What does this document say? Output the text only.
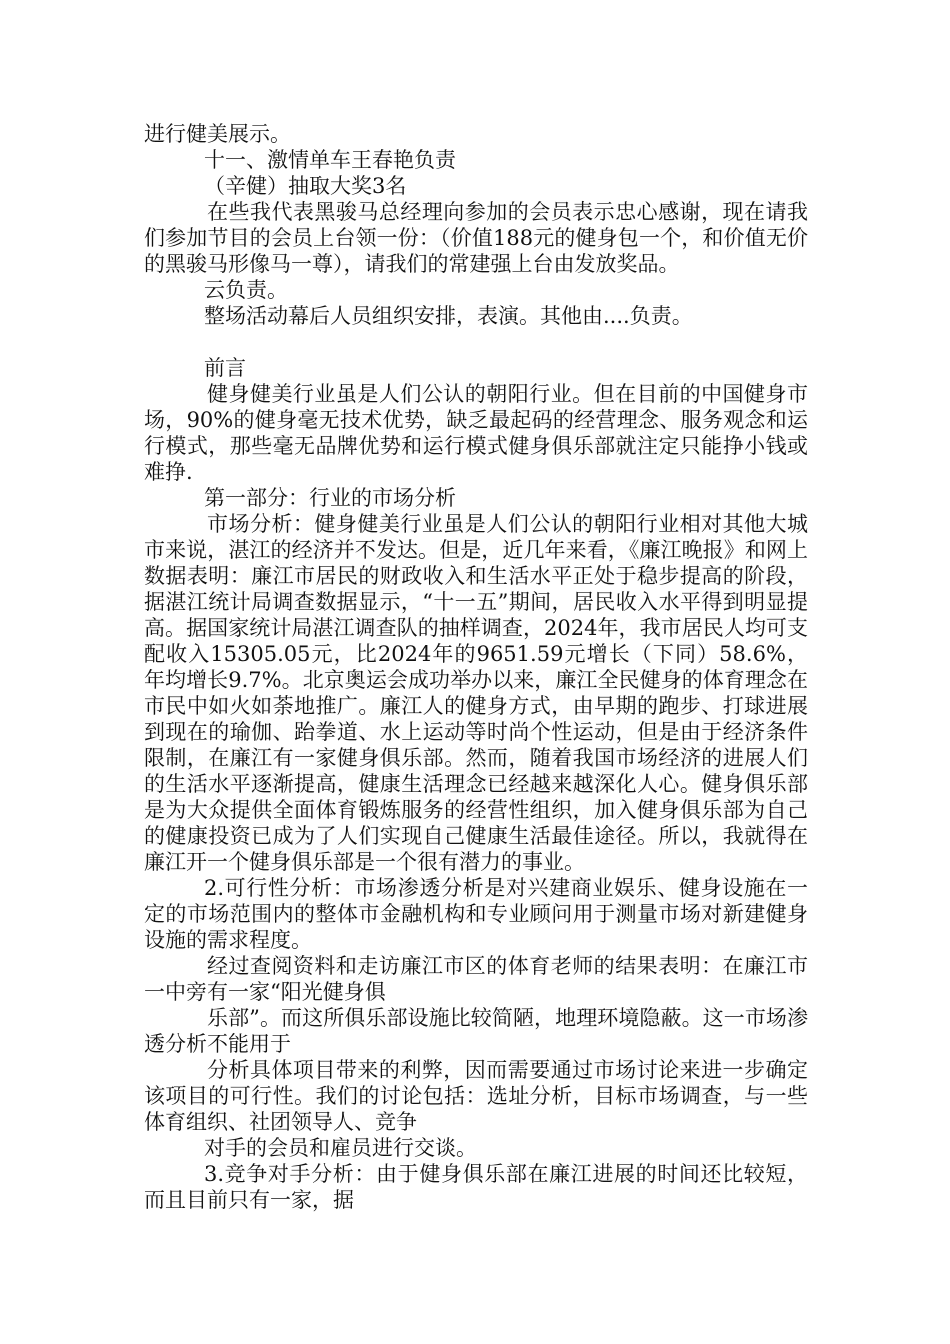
进行健美展示。

十一、激情单车王春艳负责

（辛健）抽取大奖3名

在些我代表黑骏马总经理向参加的会员表示忠心感谢，现在请我们参加节目的会员上台领一份：（价值188元的健身包一个，和价值无价的黑骏马形像马一尊），请我们的常建强上台由发放奖品。

云负责。

整场活动幕后人员组织安排，表演。其他由....负责。

前言

健身健美行业虽是人们公认的朝阳行业。但在目前的中国健身市场，90%的健身毫无技术优势，缺乏最起码的经营理念、服务观念和运行模式，那些毫无品牌优势和运行模式健身俱乐部就注定只能挣小钱或难挣.

第一部分：行业的市场分析

市场分析：健身健美行业虽是人们公认的朝阳行业相对其他大城市来说，湛江的经济并不发达。但是，近几年来看，《廉江晚报》和网上数据表明：廉江市居民的财政收入和生活水平正处于稳步提高的阶段，据湛江统计局调查数据显示，“十一五”期间，居民收入水平得到明显提高。据国家统计局湛江调查队的抽样调查，2024年，我市居民人均可支配收入15305.05元，比2024年的9651.59元增长（下同）58.6%，年均增长9.7%。北京奥运会成功举办以来，廉江全民健身的体育理念在市民中如火如荼地推广。廉江人的健身方式，由早期的跑步、打球进展到现在的瑜伽、跆拳道、水上运动等时尚个性运动，但是由于经济条件限制，在廉江有一家健身俱乐部。然而，随着我国市场经济的进展人们的生活水平逐渐提高，健康生活理念已经越来越深化人心。健身俱乐部是为大众提供全面体育锻炼服务的经营性组织，加入健身俱乐部为自己的健康投资已成为了人们实现自己健康生活最佳途径。所以，我就得在廉江开一个健身俱乐部是一个很有潜力的事业。

2.可行性分析：市场渗透分析是对兴建商业娱乐、健身设施在一定的市场范围内的整体市金融机构和专业顾问用于测量市场对新建健身设施的需求程度。

经过查阅资料和走访廉江市区的体育老师的结果表明：在廉江市一中旁有一家“阳光健身俱

乐部”。而这所俱乐部设施比较简陋，地理环境隐蔽。这一市场渗透分析不能用于

分析具体项目带来的利弊，因而需要通过市场讨论来进一步确定该项目的可行性。我们的讨论包括：选址分析，目标市场调查，与一些体育组织、社团领导人、竞争

对手的会员和雇员进行交谈。

3.竞争对手分析：由于健身俱乐部在廉江进展的时间还比较短，而且目前只有一家，据
